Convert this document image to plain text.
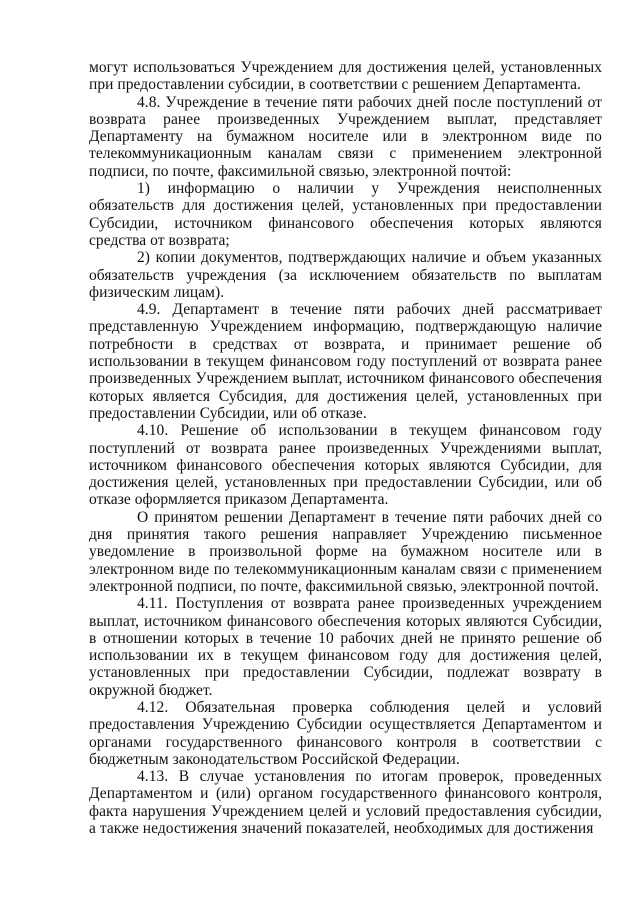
могут использоваться Учреждением для достижения целей, установленных при предоставлении субсидии, в соответствии с решением Департамента.

4.8. Учреждение в течение пяти рабочих дней после поступлений от возврата ранее произведенных Учреждением выплат, представляет Департаменту на бумажном носителе или в электронном виде по телекоммуникационным каналам связи с применением электронной подписи, по почте, факсимильной связью, электронной почтой:

1) информацию о наличии у Учреждения неисполненных обязательств для достижения целей, установленных при предоставлении Субсидии, источником финансового обеспечения которых являются средства от возврата;

2) копии документов, подтверждающих наличие и объем указанных обязательств учреждения (за исключением обязательств по выплатам физическим лицам).

4.9. Департамент в течение пяти рабочих дней рассматривает представленную Учреждением информацию, подтверждающую наличие потребности в средствах от возврата, и принимает решение об использовании в текущем финансовом году поступлений от возврата ранее произведенных Учреждением выплат, источником финансового обеспечения которых является Субсидия, для достижения целей, установленных при предоставлении Субсидии, или об отказе.

4.10. Решение об использовании в текущем финансовом году поступлений от возврата ранее произведенных Учреждениями выплат, источником финансового обеспечения которых являются Субсидии, для достижения целей, установленных при предоставлении Субсидии, или об отказе оформляется приказом Департамента.

О принятом решении Департамент в течение пяти рабочих дней со дня принятия такого решения направляет Учреждению письменное уведомление в произвольной форме на бумажном носителе или в электронном виде по телекоммуникационным каналам связи с применением электронной подписи, по почте, факсимильной связью, электронной почтой.

4.11. Поступления от возврата ранее произведенных учреждением выплат, источником финансового обеспечения которых являются Субсидии, в отношении которых в течение 10 рабочих дней не принято решение об использовании их в текущем финансовом году для достижения целей, установленных при предоставлении Субсидии, подлежат возврату в окружной бюджет.

4.12. Обязательная проверка соблюдения целей и условий предоставления Учреждению Субсидии осуществляется Департаментом и органами государственного финансового контроля в соответствии с бюджетным законодательством Российской Федерации.

4.13. В случае установления по итогам проверок, проведенных Департаментом и (или) органом государственного финансового контроля, факта нарушения Учреждением целей и условий предоставления субсидии, а также недостижения значений показателей, необходимых для достижения
